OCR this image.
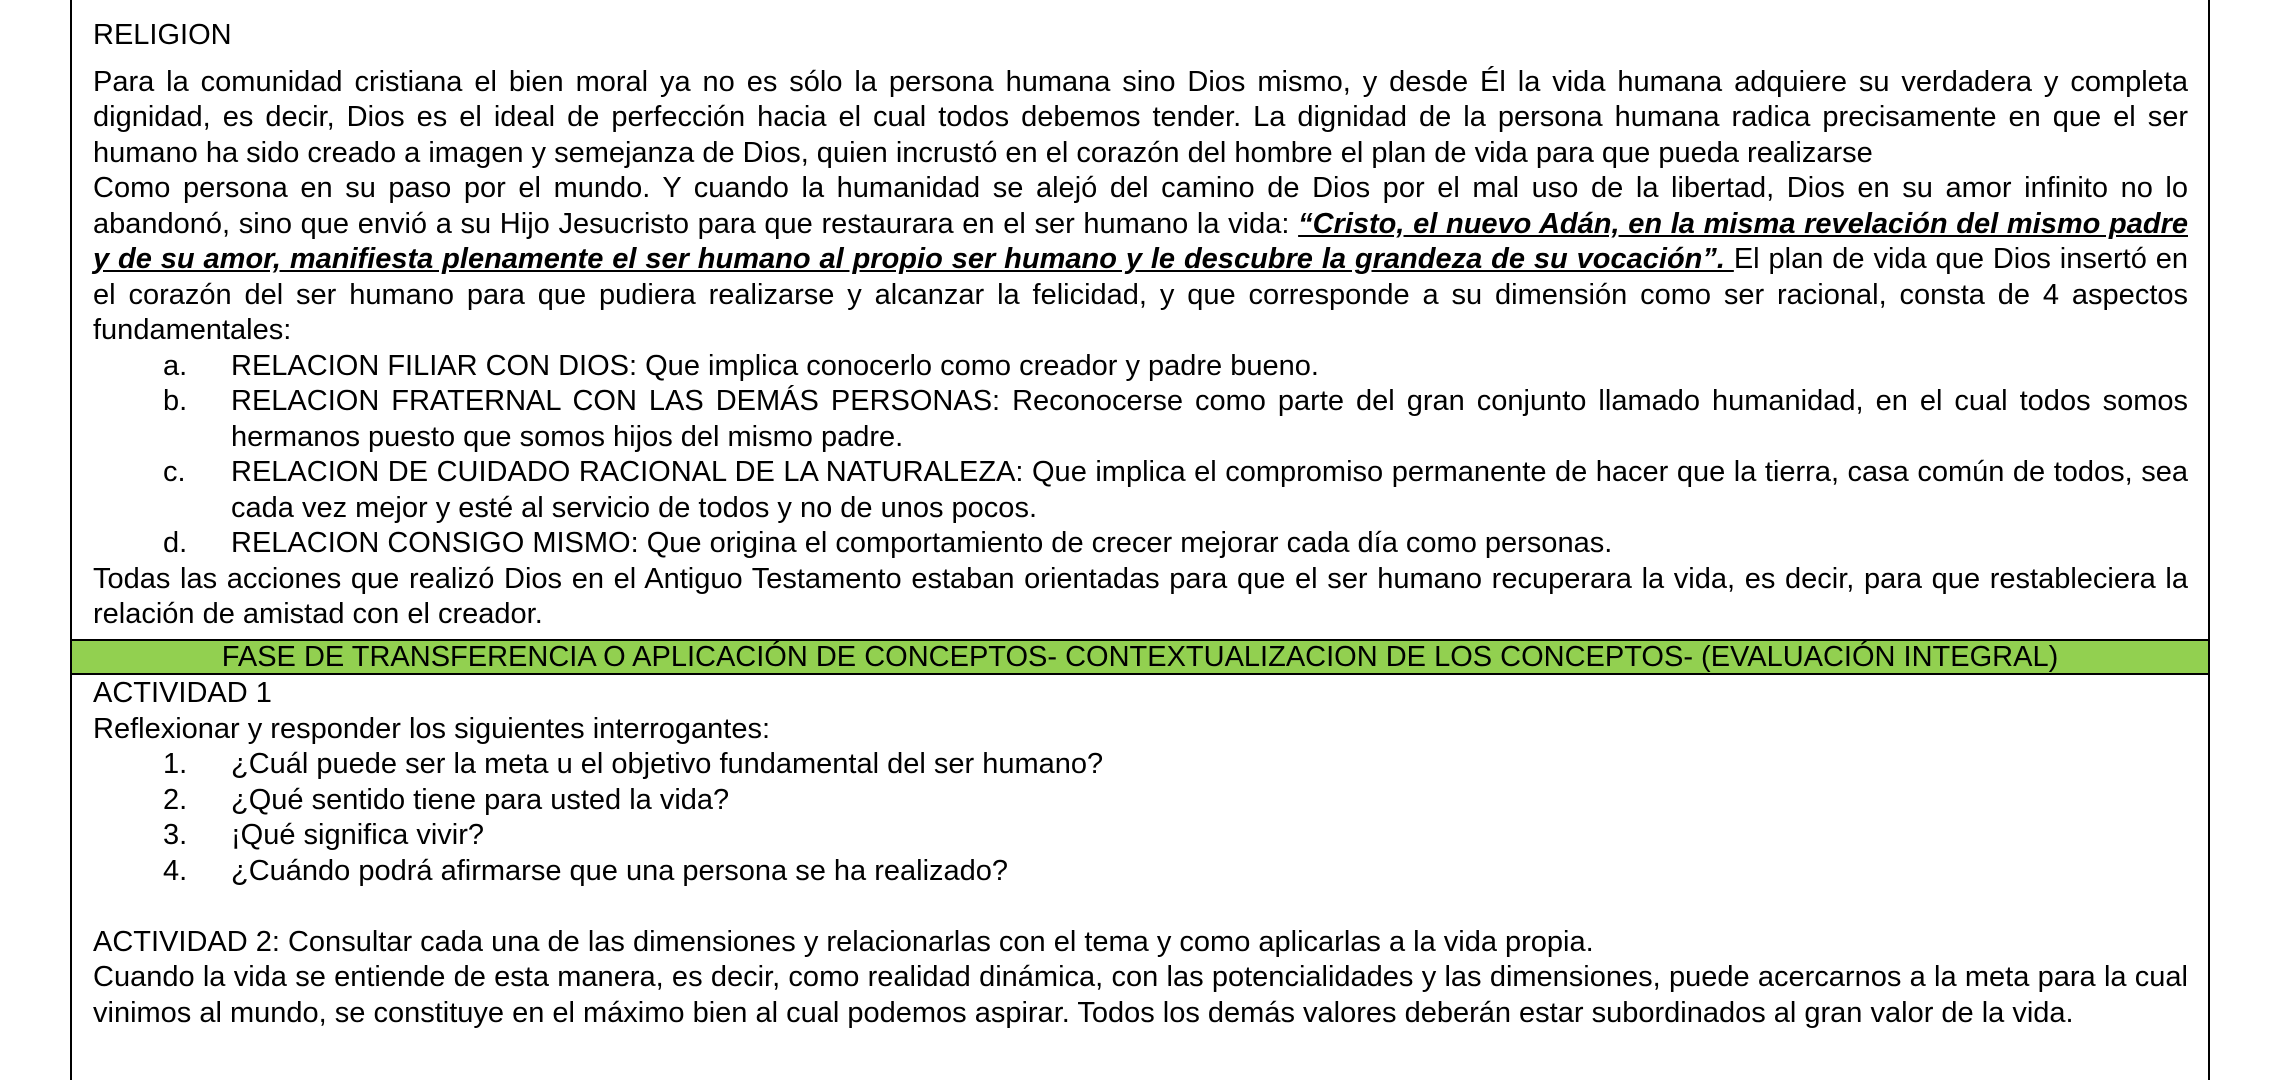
RELIGION

Para la comunidad cristiana el bien moral ya no es sólo la persona humana sino Dios mismo, y desde Él la vida humana adquiere su verdadera y completa dignidad, es decir, Dios es el ideal de perfección hacia el cual todos debemos tender. La dignidad de la persona humana radica precisamente en que el ser humano ha sido creado a imagen y semejanza de Dios, quien incrustó en el corazón del hombre el plan de vida para que pueda realizarse

Como persona en su paso por el mundo. Y cuando la humanidad se alejó del camino de Dios por el mal uso de la libertad, Dios en su amor infinito no lo abandonó, sino que envió a su Hijo Jesucristo para que restaurara en el ser humano la vida: “Cristo, el nuevo Adán, en la misma revelación del mismo padre y de su amor, manifiesta plenamente el ser humano al propio ser humano y le descubre la grandeza de su vocación”. El plan de vida que Dios insertó en el corazón del ser humano para que pudiera realizarse y alcanzar la felicidad, y que corresponde a su dimensión como ser racional, consta de 4 aspectos fundamentales:

a.	RELACION FILIAR CON DIOS: Que implica conocerlo como creador y padre bueno.
b.	RELACION FRATERNAL CON LAS DEMÁS PERSONAS: Reconocerse como parte del gran conjunto llamado humanidad, en el cual todos somos hermanos puesto que somos hijos del mismo padre.
c.	RELACION DE CUIDADO RACIONAL DE LA NATURALEZA: Que implica el compromiso permanente de hacer que la tierra, casa común de todos, sea cada vez mejor y esté al servicio de todos y no de unos pocos.
d.	RELACION CONSIGO MISMO: Que origina el comportamiento de crecer mejorar cada día como personas.

Todas las acciones que realizó Dios en el Antiguo Testamento estaban orientadas para que el ser humano recuperara la vida, es decir, para que restableciera la relación de amistad con el creador.

FASE DE TRANSFERENCIA O APLICACIÓN DE CONCEPTOS- CONTEXTUALIZACION DE LOS CONCEPTOS- (EVALUACIÓN INTEGRAL)
ACTIVIDAD 1
Reflexionar y responder los siguientes interrogantes:
1.	¿Cuál puede ser la meta u el objetivo fundamental del ser humano?
2.	¿Qué sentido tiene para usted la vida?
3.	¡Qué significa vivir?
4.	¿Cuándo podrá afirmarse que una persona se ha realizado?
ACTIVIDAD 2: Consultar cada una de las dimensiones y relacionarlas con el tema y como aplicarlas a la vida propia.

Cuando la vida se entiende de esta manera, es decir, como realidad dinámica, con las potencialidades y las dimensiones, puede acercarnos a la meta para la cual vinimos al mundo, se constituye en el máximo bien al cual podemos aspirar. Todos los demás valores deberán estar subordinados al gran valor de la vida.
